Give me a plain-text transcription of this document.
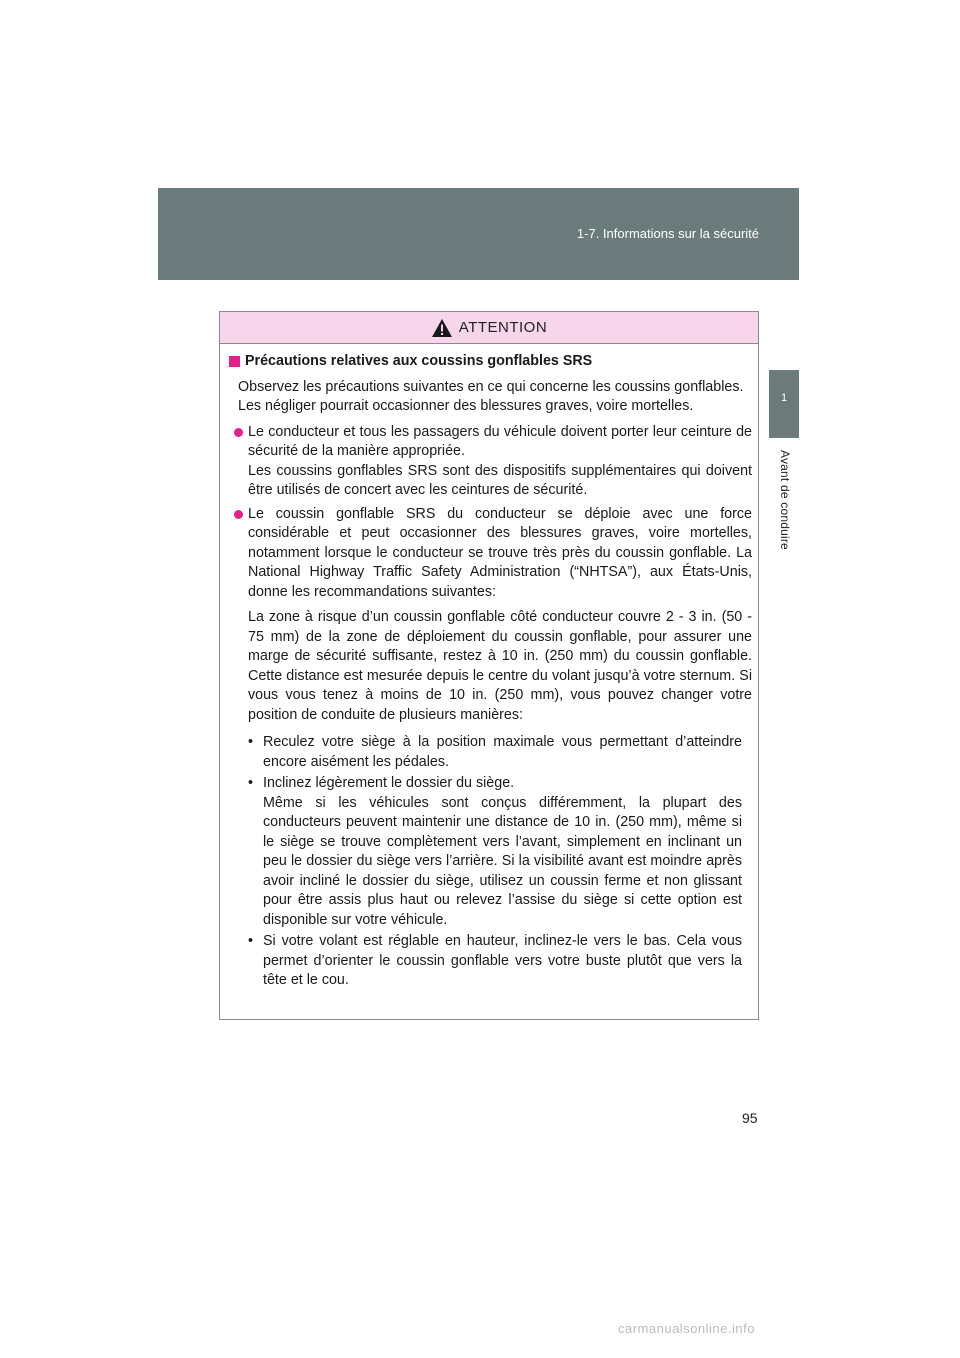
1-7. Informations sur la sécurité
1
Avant de conduire
ATTENTION
Précautions relatives aux coussins gonflables SRS
Observez les précautions suivantes en ce qui concerne les coussins gonflables.
Les négliger pourrait occasionner des blessures graves, voire mortelles.
Le conducteur et tous les passagers du véhicule doivent porter leur ceinture de sécurité de la manière appropriée.
Les coussins gonflables SRS sont des dispositifs supplémentaires qui doivent être utilisés de concert avec les ceintures de sécurité.
Le coussin gonflable SRS du conducteur se déploie avec une force considérable et peut occasionner des blessures graves, voire mortelles, notamment lorsque le conducteur se trouve très près du coussin gonflable. La National Highway Traffic Safety Administration (“NHTSA”), aux États-Unis, donne les recommandations suivantes:
La zone à risque d’un coussin gonflable côté conducteur couvre 2 - 3 in. (50 - 75 mm) de la zone de déploiement du coussin gonflable, pour assurer une marge de sécurité suffisante, restez à 10 in. (250 mm) du coussin gonflable. Cette distance est mesurée depuis le centre du volant jusqu’à votre sternum. Si vous vous tenez à moins de 10 in. (250 mm), vous pouvez changer votre position de conduite de plusieurs manières:
• Reculez votre siège à la position maximale vous permettant d’atteindre encore aisément les pédales.
• Inclinez légèrement le dossier du siège.
Même si les véhicules sont conçus différemment, la plupart des conducteurs peuvent maintenir une distance de 10 in. (250 mm), même si le siège se trouve complètement vers l’avant, simplement en inclinant un peu le dossier du siège vers l’arrière. Si la visibilité avant est moindre après avoir incliné le dossier du siège, utilisez un coussin ferme et non glissant pour être assis plus haut ou relevez l’assise du siège si cette option est disponible sur votre véhicule.
• Si votre volant est réglable en hauteur, inclinez-le vers le bas. Cela vous permet d’orienter le coussin gonflable vers votre buste plutôt que vers la tête et le cou.
95
carmanualsonline.info
